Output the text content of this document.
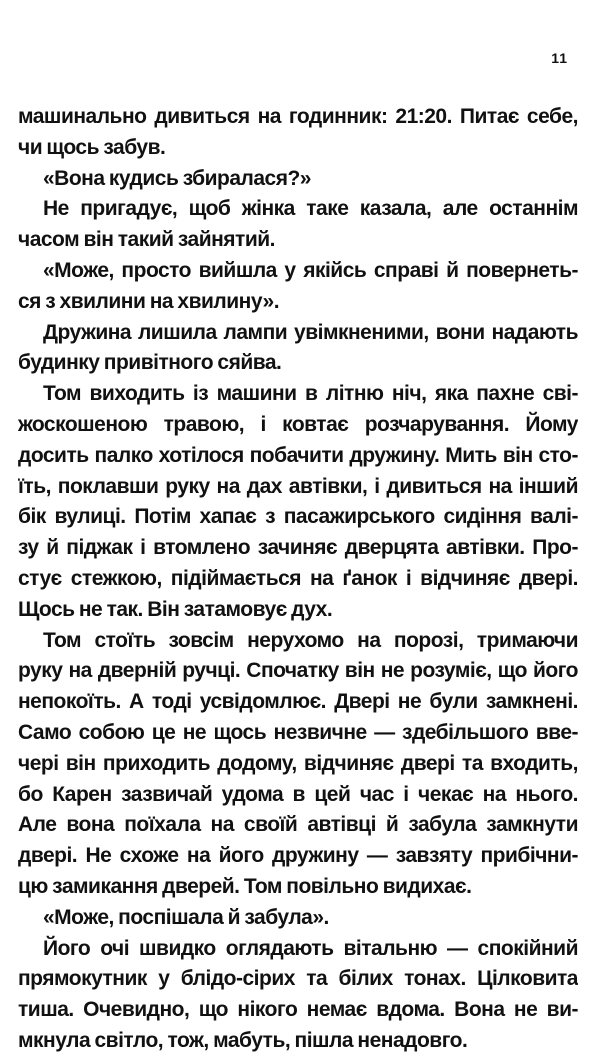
11
машинально дивиться на годинник: 21:20. Питає себе,
чи щось забув.
«Вона кудись збиралася?»
Не пригадує, щоб жінка таке казала, але останнім
часом він такий зайнятий.
«Може, просто вийшла у якійсь справі й повернеть-
ся з хвилини на хвилину».
Дружина лишила лампи увімкненими, вони надають
будинку привітного сяйва.
Том виходить із машини в літню ніч, яка пахне сві-
жоскошеною травою, і ковтає розчарування. Йому
досить палко хотілося побачити дружину. Мить він сто-
їть, поклавши руку на дах автівки, і дивиться на інший
бік вулиці. Потім хапає з пасажирського сидіння валі-
зу й піджак і втомлено зачиняє дверцята автівки. Про-
стує стежкою, підіймається на ґанок і відчиняє двері.
Щось не так. Він затамовує дух.
Том стоїть зовсім нерухомо на порозі, тримаючи
руку на дверній ручці. Спочатку він не розуміє, що його
непокоїть. А тоді усвідомлює. Двері не були замкнені.
Само собою це не щось незвичне — здебільшого вве-
чері він приходить додому, відчиняє двері та входить,
бо Карен зазвичай удома в цей час і чекає на нього.
Але вона поїхала на своїй автівці й забула замкнути
двері. Не схоже на його дружину — завзяту прибічни-
цю замикання дверей. Том повільно видихає.
«Може, поспішала й забула».
Його очі швидко оглядають вітальню — спокійний
прямокутник у блідо-сірих та білих тонах. Цілковита
тиша. Очевидно, що нікого немає вдома. Вона не ви-
мкнула світло, тож, мабуть, пішла ненадовго.
